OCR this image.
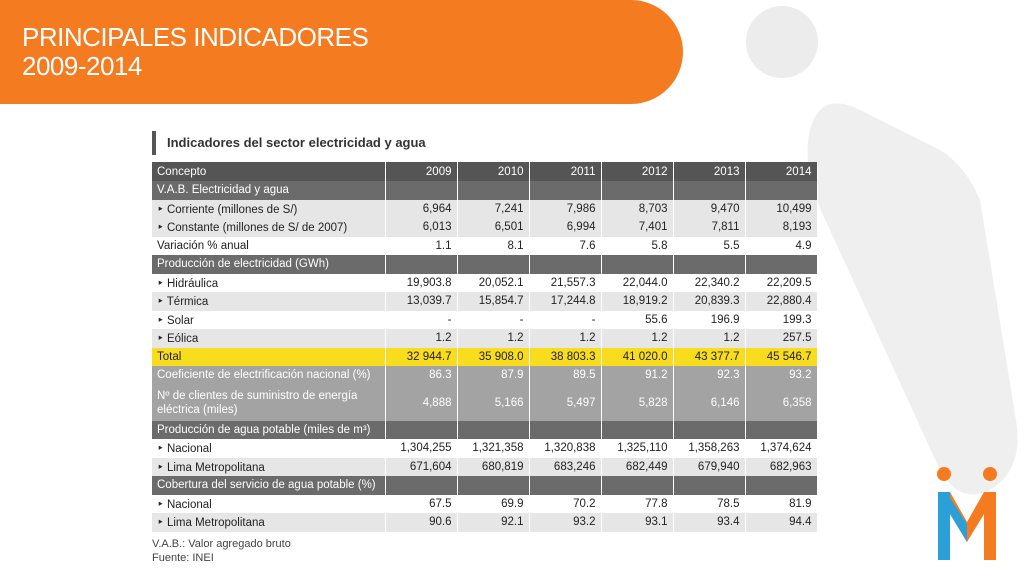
PRINCIPALES INDICADORES
2009-2014
Indicadores del sector electricidad y agua
Concepto	2009	2010	2011	2012	2013	2014
V.A.B. Electricidad y agua						
‣ Corriente (millones de S/)	6,964	7,241	7,986	8,703	9,470	10,499
‣ Constante (millones de S/ de 2007)	6,013	6,501	6,994	7,401	7,811	8,193
Variación % anual	1.1	8.1	7.6	5.8	5.5	4.9
Producción de electricidad (GWh)						
‣ Hidráulica	19,903.8	20,052.1	21,557.3	22,044.0	22,340.2	22,209.5
‣ Térmica	13,039.7	15,854.7	17,244.8	18,919.2	20,839.3	22,880.4
‣ Solar	-	-	-	55.6	196.9	199.3
‣ Eólica	1.2	1.2	1.2	1.2	1.2	257.5
Total	32 944.7	35 908.0	38 803.3	41 020.0	43 377.7	45 546.7
Coeficiente de electrificación nacional (%)	86.3	87.9	89.5	91.2	92.3	93.2
Nº de clientes de suministro de energía eléctrica (miles)	4,888	5,166	5,497	5,828	6,146	6,358
Producción de agua potable (miles de m³)						
‣ Nacional	1,304,255	1,321,358	1,320,838	1,325,110	1,358,263	1,374,624
‣ Lima Metropolitana	671,604	680,819	683,246	682,449	679,940	682,963
Cobertura del servicio de agua potable (%)						
‣ Nacional	67.5	69.9	70.2	77.8	78.5	81.9
‣ Lima Metropolitana	90.6	92.1	93.2	93.1	93.4	94.4
V.A.B.: Valor agregado bruto
Fuente: INEI
